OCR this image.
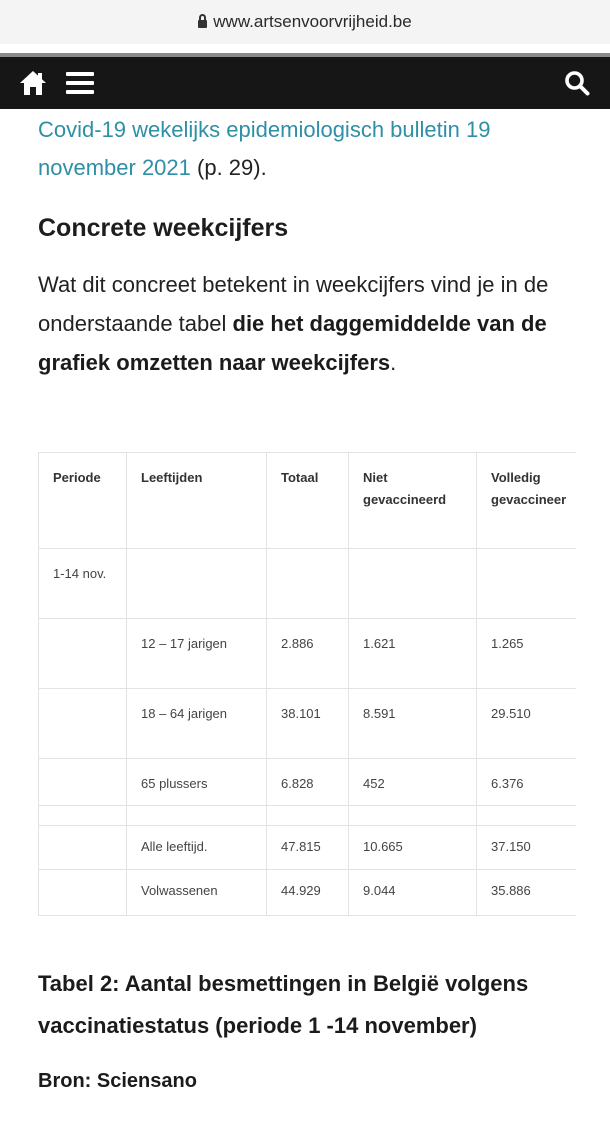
www.artsenvoorvrijheid.be

Covid-19 wekelijks epidemiologisch bulletin 19 november 2021 (p. 29).

Concrete weekcijfers

Wat dit concreet betekent in weekcijfers vind je in de onderstaande tabel die het daggemiddelde van de grafiek omzetten naar weekcijfers.

Periode	Leeftijden	Totaal	Niet gevaccineerd	Volledig gevaccineer
1-14 nov.				
	12 – 17 jarigen	2.886	1.621	1.265
	18 – 64 jarigen	38.101	8.591	29.510
	65 plussers	6.828	452	6.376

	Alle leeftijd.	47.815	10.665	37.150
	Volwassenen	44.929	9.044	35.886

Tabel 2: Aantal besmettingen in België volgens vaccinatiestatus (periode 1 -14 november)

Bron: Sciensano
